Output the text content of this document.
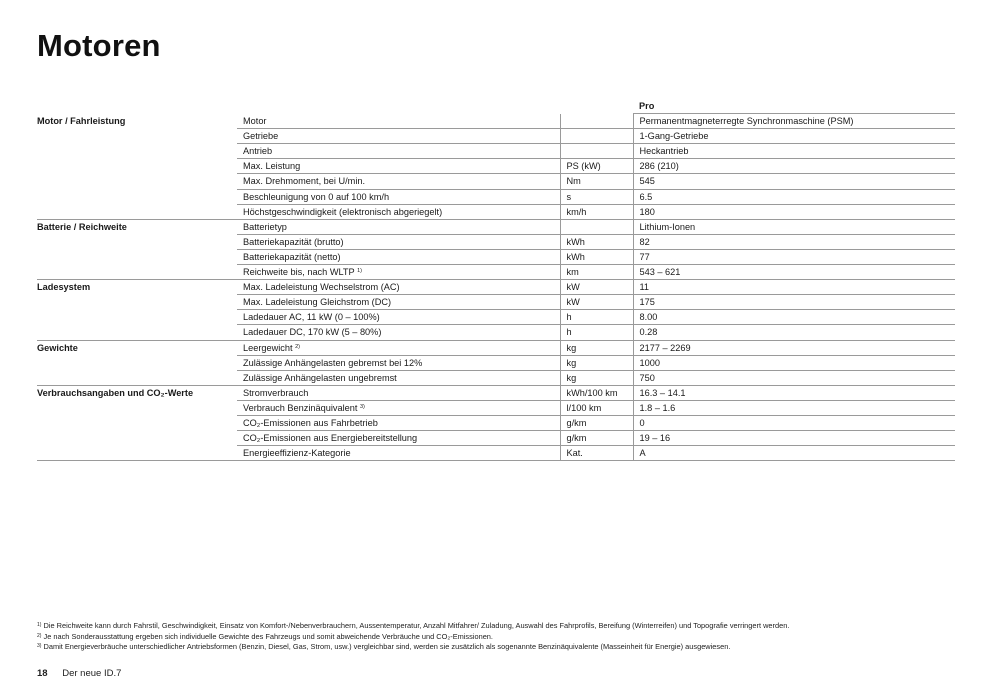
Motoren
			Pro
Motor / Fahrleistung	Motor		Permanentmagneterregte Synchronmaschine (PSM)
	Getriebe		1-Gang-Getriebe
	Antrieb		Heckantrieb
	Max. Leistung	PS (kW)	286 (210)
	Max. Drehmoment, bei U/min.	Nm	545
	Beschleunigung von 0 auf 100 km/h	s	6.5
	Höchstgeschwindigkeit (elektronisch abgeriegelt)	km/h	180
Batterie / Reichweite	Batterietyp		Lithium-Ionen
	Batteriekapazität (brutto)	kWh	82
	Batteriekapazität (netto)	kWh	77
	Reichweite bis, nach WLTP $^{1)}$	km	543 – 621
Ladesystem	Max. Ladeleistung Wechselstrom (AC)	kW	11
	Max. Ladeleistung Gleichstrom (DC)	kW	175
	Ladedauer AC, 11 kW (0 – 100%)	h	8.00
	Ladedauer DC, 170 kW (5 – 80%)	h	0.28
Gewichte	Leergewicht $^{2)}$	kg	2177 – 2269
	Zulässige Anhängelasten gebremst bei 12%	kg	1000
	Zulässige Anhängelasten ungebremst	kg	750
Verbrauchsangaben und CO₂-Werte	Stromverbrauch	kWh/100 km	16.3 – 14.1
	Verbrauch Benzinäquivalent $^{3)}$	l/100 km	1.8 – 1.6
	CO₂-Emissionen aus Fahrbetrieb	g/km	0
	CO₂-Emissionen aus Energiebereitstellung	g/km	19 – 16
	Energieeffizienz-Kategorie	Kat.	A
$^{1)}$ Die Reichweite kann durch Fahrstil, Geschwindigkeit, Einsatz von Komfort-/Nebenverbrauchern, Aussentemperatur, Anzahl Mitfahrer/ Zuladung, Auswahl des Fahrprofils, Bereifung (Winterreifen) und Topografie verringert werden.
$^{2)}$ Je nach Sonderausstattung ergeben sich individuelle Gewichte des Fahrzeugs und somit abweichende Verbräuche und CO₂-Emissionen.
$^{3)}$ Damit Energieverbräuche unterschiedlicher Antriebsformen (Benzin, Diesel, Gas, Strom, usw.) vergleichbar sind, werden sie zusätzlich als sogenannte Benzinäquivalente (Masseinheit für Energie) ausgewiesen.
18 Der neue ID.7
